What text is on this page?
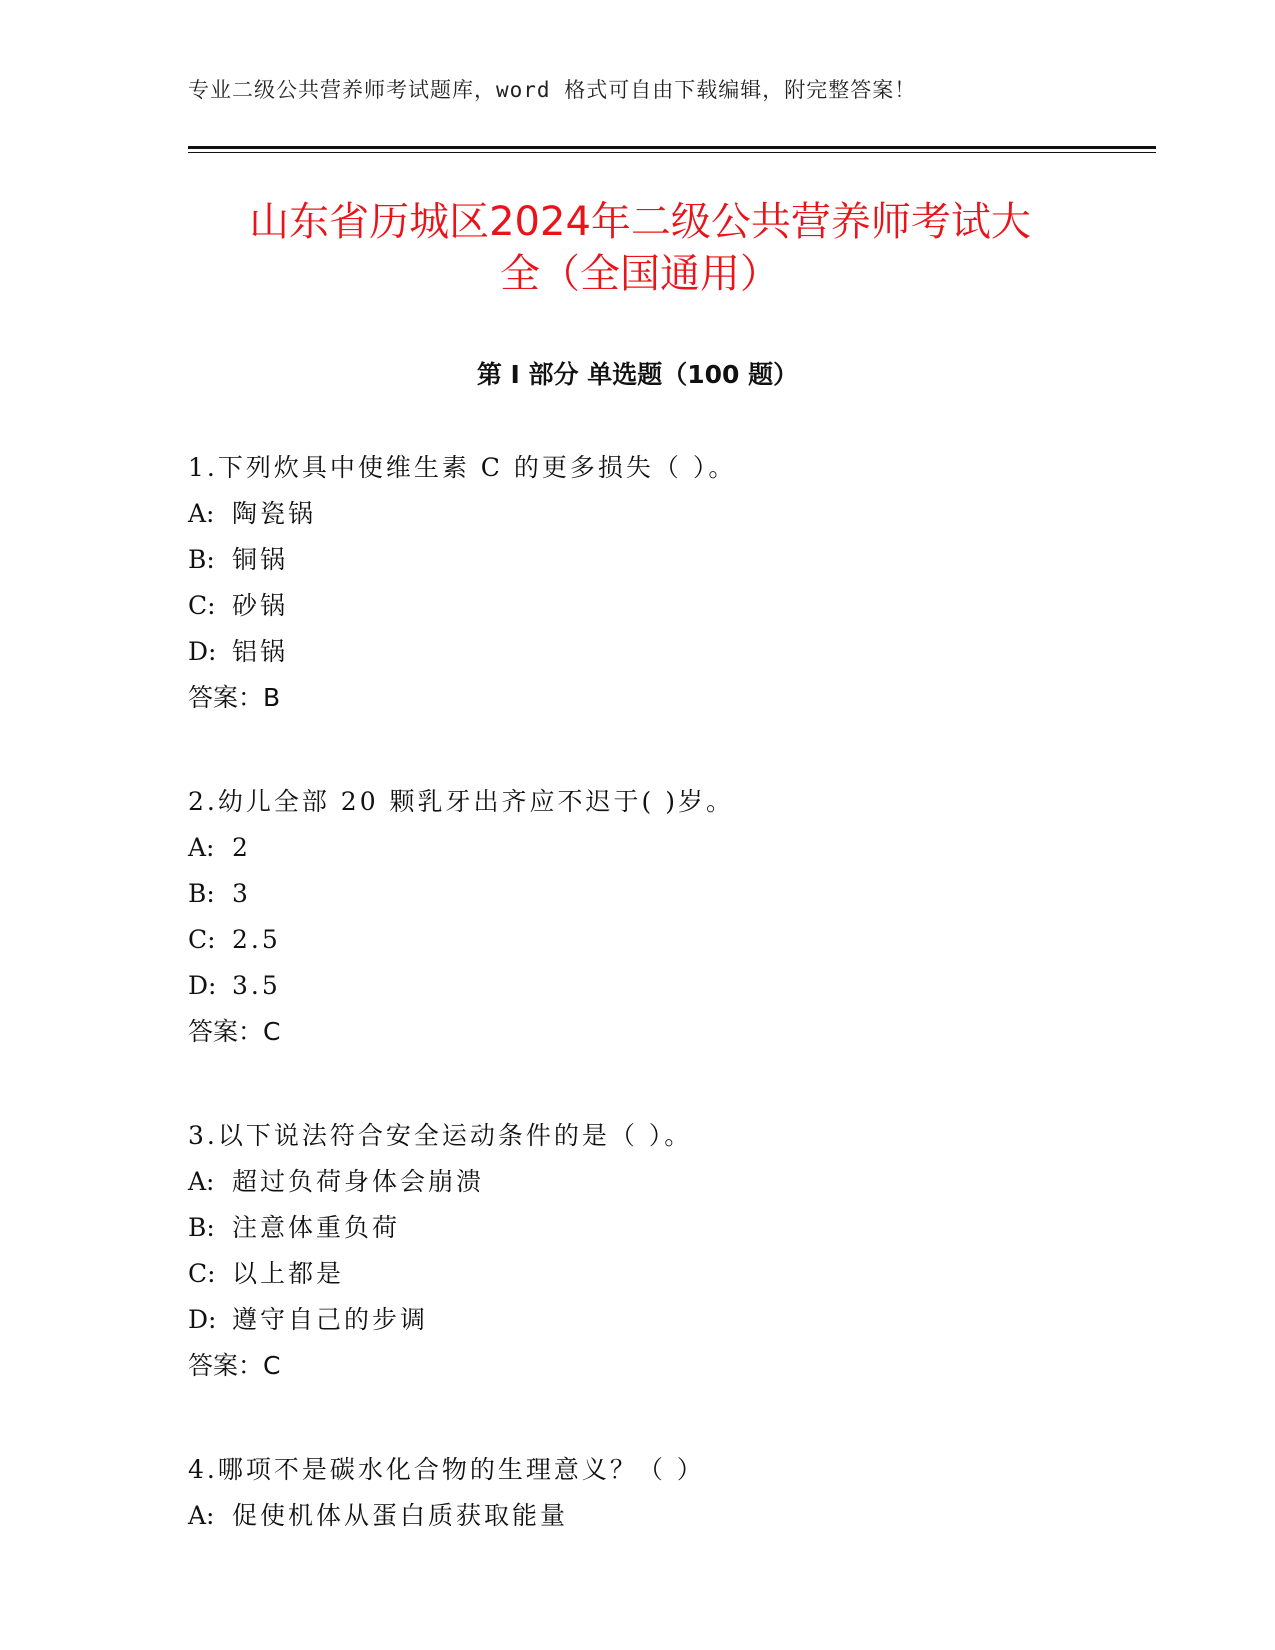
专业二级公共营养师考试题库，word 格式可自由下载编辑，附完整答案！
山东省历城区2024年二级公共营养师考试大
全（全国通用）
第 I 部分 单选题（100 题）
1.下列炊具中使维生素 C 的更多损失（ ）。
A: 陶瓷锅
B: 铜锅
C: 砂锅
D: 铝锅
答案：B
2.幼儿全部 20 颗乳牙出齐应不迟于( )岁。
A: 2
B: 3
C: 2.5
D: 3.5
答案：C
3.以下说法符合安全运动条件的是（ ）。
A: 超过负荷身体会崩溃
B: 注意体重负荷
C: 以上都是
D: 遵守自己的步调
答案：C
4.哪项不是碳水化合物的生理意义？（ ）
A: 促使机体从蛋白质获取能量
